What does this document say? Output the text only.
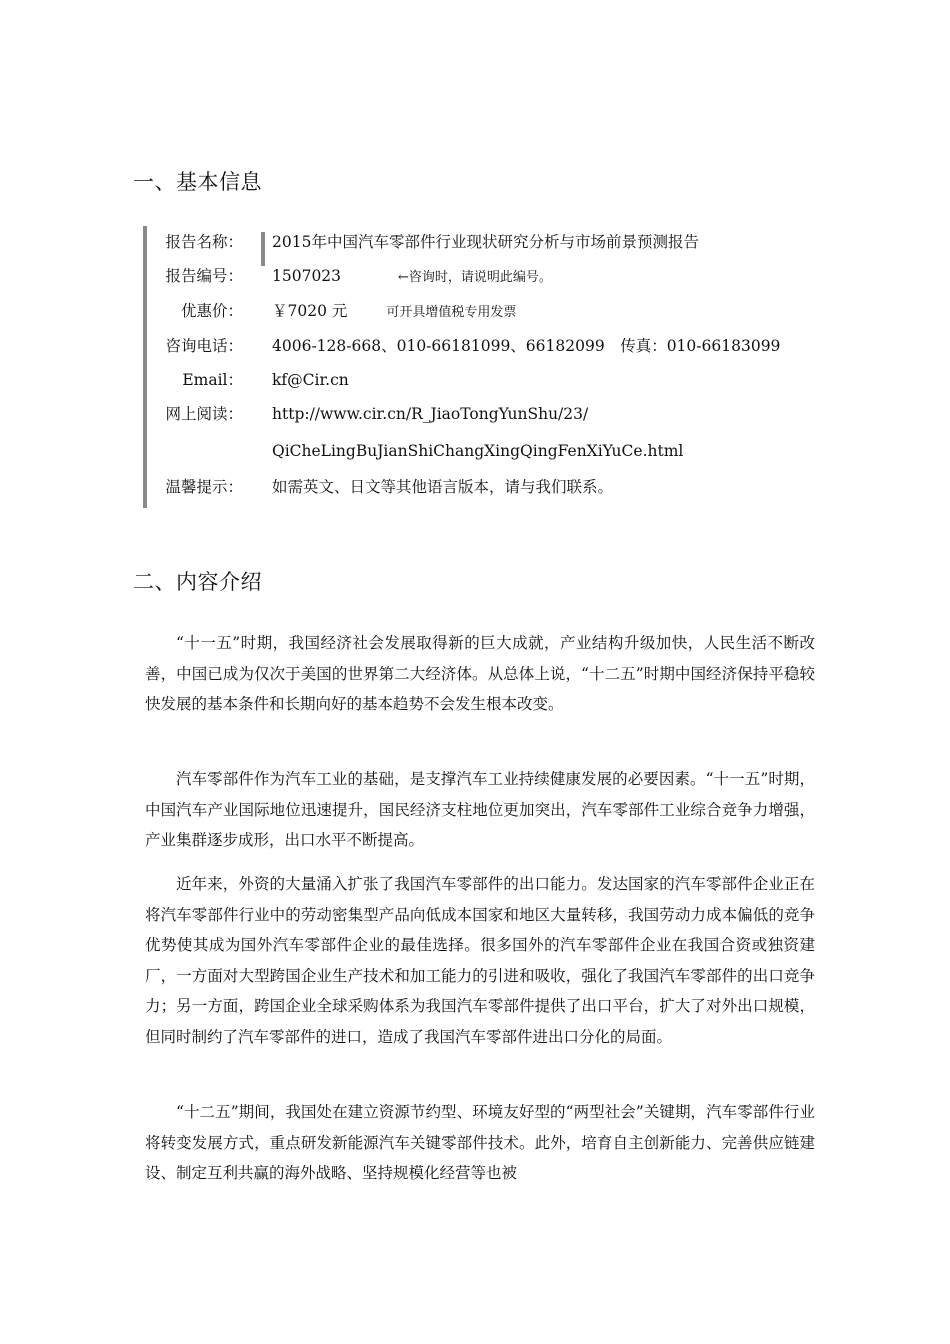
一、基本信息
报告名称： 2015年中国汽车零部件行业现状研究分析与市场前景预测报告
报告编号： 1507023	←咨询时，请说明此编号。
优惠价： ￥7020 元	可开具增值税专用发票
咨询电话： 4006-128-668、010-66181099、66182099　传真：010-66183099
Email： kf@Cir.cn
网上阅读： http://www.cir.cn/R_JiaoTongYunShu/23/
QiCheLingBuJianShiChangXingQingFenXiYuCe.html
温馨提示： 如需英文、日文等其他语言版本，请与我们联系。
二、内容介绍

“十一五”时期，我国经济社会发展取得新的巨大成就，产业结构升级加快，人民生活不断改善，中国已成为仅次于美国的世界第二大经济体。从总体上说，“十二五”时期中国经济保持平稳较快发展的基本条件和长期向好的基本趋势不会发生根本改变。

汽车零部件作为汽车工业的基础，是支撑汽车工业持续健康发展的必要因素。“十一五”时期，中国汽车产业国际地位迅速提升，国民经济支柱地位更加突出，汽车零部件工业综合竞争力增强，产业集群逐步成形，出口水平不断提高。

近年来，外资的大量涌入扩张了我国汽车零部件的出口能力。发达国家的汽车零部件企业正在将汽车零部件行业中的劳动密集型产品向低成本国家和地区大量转移，我国劳动力成本偏低的竞争优势使其成为国外汽车零部件企业的最佳选择。很多国外的汽车零部件企业在我国合资或独资建厂，一方面对大型跨国企业生产技术和加工能力的引进和吸收，强化了我国汽车零部件的出口竞争力；另一方面，跨国企业全球采购体系为我国汽车零部件提供了出口平台，扩大了对外出口规模，但同时制约了汽车零部件的进口，造成了我国汽车零部件进出口分化的局面。

“十二五”期间，我国处在建立资源节约型、环境友好型的“两型社会”关键期，汽车零部件行业将转变发展方式，重点研发新能源汽车关键零部件技术。此外，培育自主创新能力、完善供应链建设、制定互利共赢的海外战略、坚持规模化经营等也被
